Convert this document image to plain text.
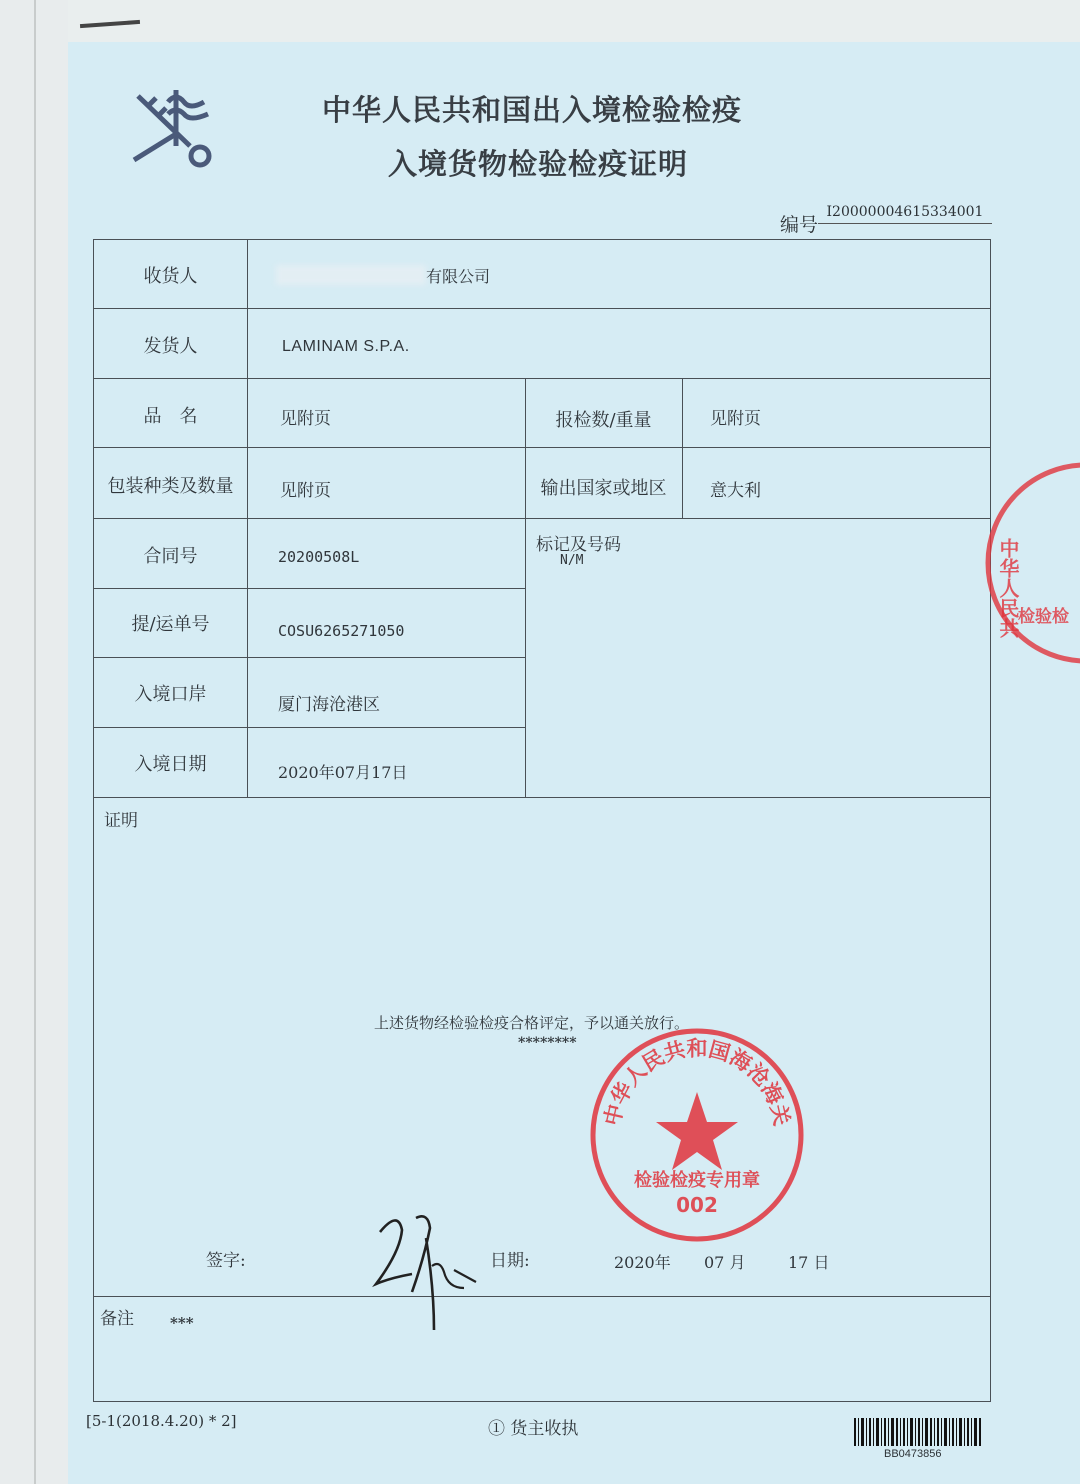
中华人民共和国出入境检验检疫
入境货物检验检疫证明
编号
I20000004615334001
收货人	有限公司
发货人	LAMINAM S.P.A.
品　名	见附页	报检数/重量	见附页
包装种类及数量	见附页	输出国家或地区	意大利
合同号	20200508L
标记及号码
N/M
提/运单号	COSU6265271050
入境口岸	厦门海沧港区
入境日期	2020年07月17日
证明
上述货物经检验检疫合格评定，予以通关放行。
********
签字:	日期:	2020年 07 月	17 日
备注 ***
中华人民共和国海沧海关
检验检疫专用章
002
中华人民共
检验检
[5-1(2018.4.20) * 2]	① 货主收执
BB0473856
